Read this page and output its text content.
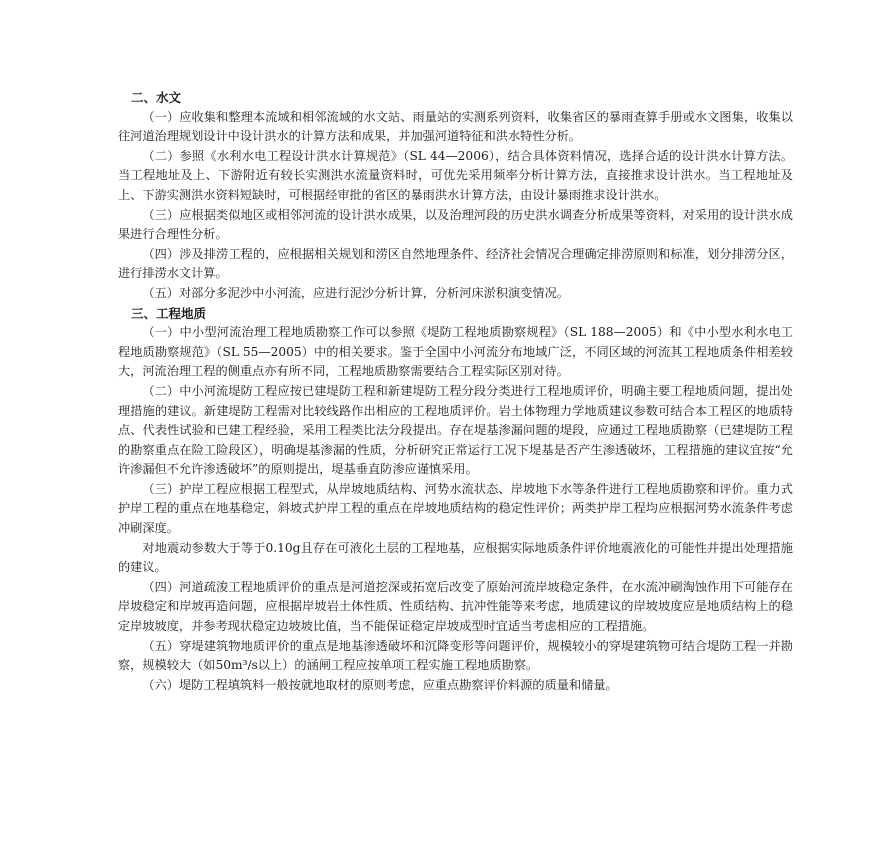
二、水文

（一）应收集和整理本流域和相邻流域的水文站、雨量站的实测系列资料，收集省区的暴雨查算手册或水文图集，收集以往河道治理规划设计中设计洪水的计算方法和成果，并加强河道特征和洪水特性分析。

（二）参照《水利水电工程设计洪水计算规范》（SL 44—2006），结合具体资料情况，选择合适的设计洪水计算方法。当工程地址及上、下游附近有较长实测洪水流量资料时，可优先采用频率分析计算方法，直接推求设计洪水。当工程地址及上、下游实测洪水资料短缺时，可根据经审批的省区的暴雨洪水计算方法，由设计暴雨推求设计洪水。

（三）应根据类似地区或相邻河流的设计洪水成果，以及治理河段的历史洪水调查分析成果等资料，对采用的设计洪水成果进行合理性分析。

（四）涉及排涝工程的，应根据相关规划和涝区自然地理条件、经济社会情况合理确定排涝原则和标准，划分排涝分区，进行排涝水文计算。

（五）对部分多泥沙中小河流，应进行泥沙分析计算，分析河床淤积演变情况。

三、工程地质

（一）中小型河流治理工程地质勘察工作可以参照《堤防工程地质勘察规程》（SL 188—2005）和《中小型水利水电工程地质勘察规范》（SL 55—2005）中的相关要求。鉴于全国中小河流分布地域广泛，不同区域的河流其工程地质条件相差较大，河流治理工程的侧重点亦有所不同，工程地质勘察需要结合工程实际区别对待。

（二）中小河流堤防工程应按已建堤防工程和新建堤防工程分段分类进行工程地质评价，明确主要工程地质问题，提出处理措施的建议。新建堤防工程需对比较线路作出相应的工程地质评价。岩土体物理力学地质建议参数可结合本工程区的地质特点、代表性试验和已建工程经验，采用工程类比法分段提出。存在堤基渗漏问题的堤段，应通过工程地质勘察（已建堤防工程的勘察重点在险工险段区），明确堤基渗漏的性质，分析研究正常运行工况下堤基是否产生渗透破坏，工程措施的建议宜按“允许渗漏但不允许渗透破坏”的原则提出，堤基垂直防渗应谨慎采用。

（三）护岸工程应根据工程型式，从岸坡地质结构、河势水流状态、岸坡地下水等条件进行工程地质勘察和评价。重力式护岸工程的重点在地基稳定，斜坡式护岸工程的重点在岸坡地质结构的稳定性评价；两类护岸工程均应根据河势水流条件考虑冲刷深度。

对地震动参数大于等于0.10g且存在可液化土层的工程地基，应根据实际地质条件评价地震液化的可能性并提出处理措施的建议。

（四）河道疏浚工程地质评价的重点是河道挖深或拓宽后改变了原始河流岸坡稳定条件，在水流冲刷淘蚀作用下可能存在岸坡稳定和岸坡再造问题，应根据岸坡岩土体性质、性质结构、抗冲性能等来考虑，地质建议的岸坡坡度应是地质结构上的稳定岸坡坡度，并参考现状稳定边坡坡比值，当不能保证稳定岸坡成型时宜适当考虑相应的工程措施。

（五）穿堤建筑物地质评价的重点是地基渗透破坏和沉降变形等问题评价，规模较小的穿堤建筑物可结合堤防工程一并勘察，规模较大（如50m³/s以上）的涵闸工程应按单项工程实施工程地质勘察。

（六）堤防工程填筑料一般按就地取材的原则考虑，应重点勘察评价料源的质量和储量。
